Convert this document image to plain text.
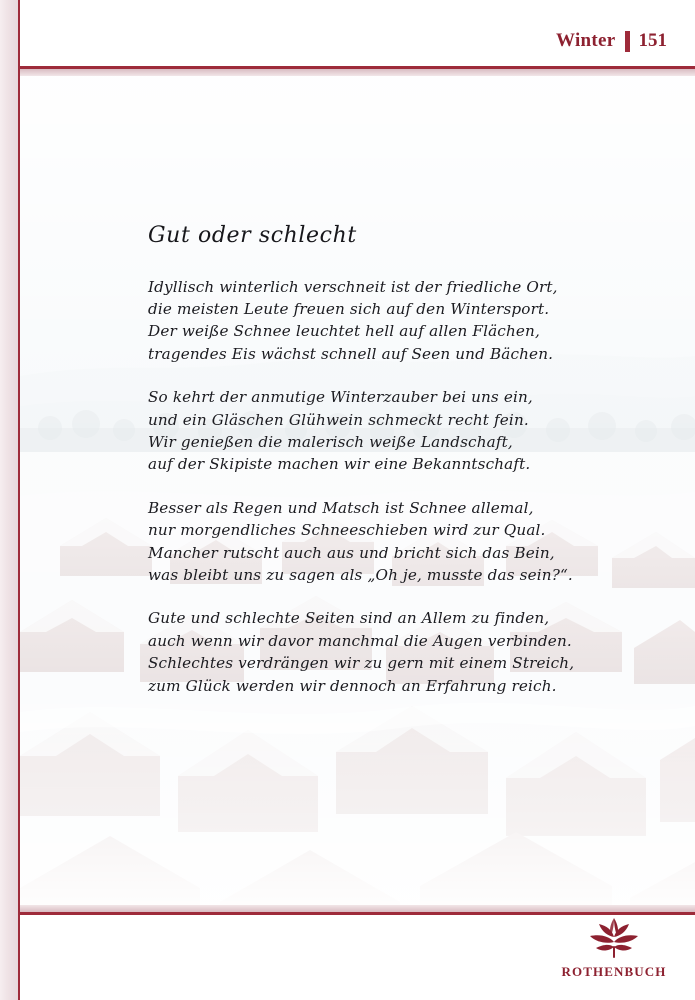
Winter 151
Gut oder schlecht
Idyllisch winterlich verschneit ist der friedliche Ort,
die meisten Leute freuen sich auf den Wintersport.
Der weiße Schnee leuchtet hell auf allen Flächen,
tragendes Eis wächst schnell auf Seen und Bächen.
So kehrt der anmutige Winterzauber bei uns ein,
und ein Gläschen Glühwein schmeckt recht fein.
Wir genießen die malerisch weiße Landschaft,
auf der Skipiste machen wir eine Bekanntschaft.
Besser als Regen und Matsch ist Schnee allemal,
nur morgendliches Schneeschieben wird zur Qual.
Mancher rutscht auch aus und bricht sich das Bein,
was bleibt uns zu sagen als „Oh je, musste das sein?“.
Gute und schlechte Seiten sind an Allem zu finden,
auch wenn wir davor manchmal die Augen verbinden.
Schlechtes verdrängen wir zu gern mit einem Streich,
zum Glück werden wir dennoch an Erfahrung reich.
ROTHENBUCH
